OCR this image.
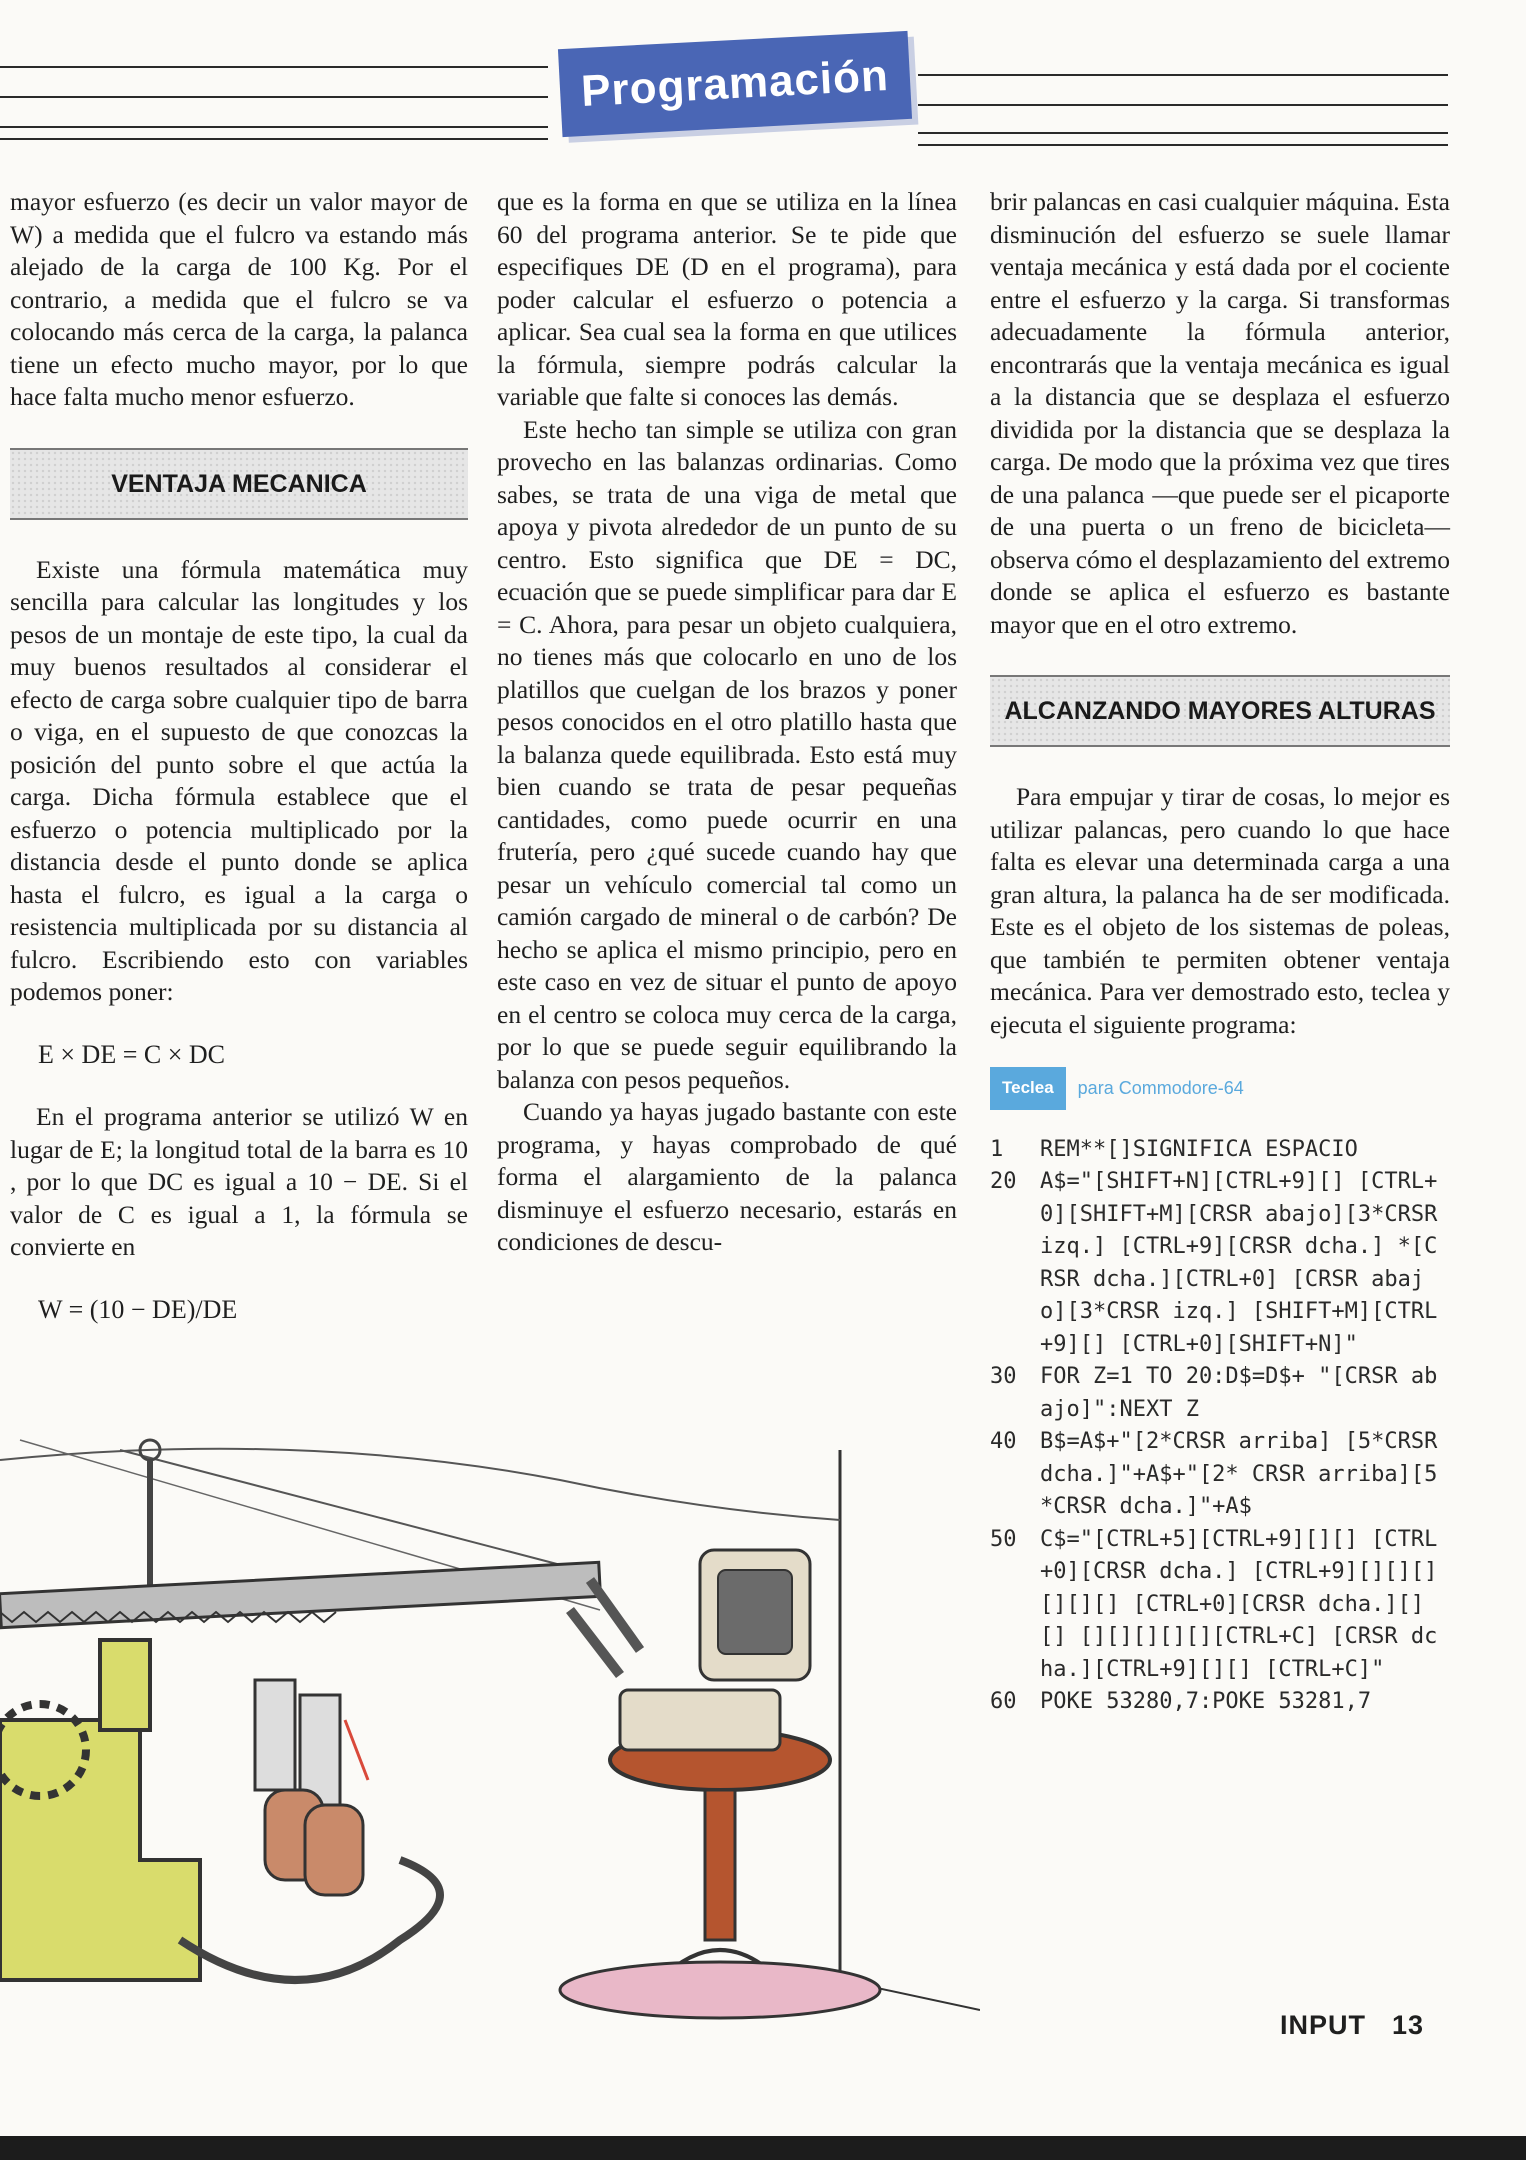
Programación

mayor esfuerzo (es decir un valor mayor de W) a medida que el fulcro va estando más alejado de la carga de 100 Kg. Por el contrario, a medida que el fulcro se va colocando más cerca de la carga, la palanca tiene un efecto mucho mayor, por lo que hace falta mucho menor esfuerzo.

VENTAJA MECANICA

Existe una fórmula matemática muy sencilla para calcular las longitudes y los pesos de un montaje de este tipo, la cual da muy buenos resultados al considerar el efecto de carga sobre cualquier tipo de barra o viga, en el supuesto de que conozcas la posición del punto sobre el que actúa la carga. Dicha fórmula establece que el esfuerzo o potencia multiplicado por la distancia desde el punto donde se aplica hasta el fulcro, es igual a la carga o resistencia multiplicada por su distancia al fulcro. Escribiendo esto con variables podemos poner:

E × DE = C × DC

En el programa anterior se utilizó W en lugar de E; la longitud total de la barra es 10 , por lo que DC es igual a 10 − DE. Si el valor de C es igual a 1, la fórmula se convierte en

W = (10 − DE)/DE

que es la forma en que se utiliza en la línea 60 del programa anterior. Se te pide que especifiques DE (D en el programa), para poder calcular el esfuerzo o potencia a aplicar. Sea cual sea la forma en que utilices la fórmula, siempre podrás calcular la variable que falte si conoces las demás.

Este hecho tan simple se utiliza con gran provecho en las balanzas ordinarias. Como sabes, se trata de una viga de metal que apoya y pivota alrededor de un punto de su centro. Esto significa que DE = DC, ecuación que se puede simplificar para dar E = C. Ahora, para pesar un objeto cualquiera, no tienes más que colocarlo en uno de los platillos que cuelgan de los brazos y poner pesos conocidos en el otro platillo hasta que la balanza quede equilibrada. Esto está muy bien cuando se trata de pesar pequeñas cantidades, como puede ocurrir en una frutería, pero ¿qué sucede cuando hay que pesar un vehículo comercial tal como un camión cargado de mineral o de carbón? De hecho se aplica el mismo principio, pero en este caso en vez de situar el punto de apoyo en el centro se coloca muy cerca de la carga, por lo que se puede seguir equilibrando la balanza con pesos pequeños.

Cuando ya hayas jugado bastante con este programa, y hayas comprobado de qué forma el alargamiento de la palanca disminuye el esfuerzo necesario, estarás en condiciones de descu-

brir palancas en casi cualquier máquina. Esta disminución del esfuerzo se suele llamar ventaja mecánica y está dada por el cociente entre el esfuerzo y la carga. Si transformas adecuadamente la fórmula anterior, encontrarás que la ventaja mecánica es igual a la distancia que se desplaza el esfuerzo dividida por la distancia que se desplaza la carga. De modo que la próxima vez que tires de una palanca —que puede ser el picaporte de una puerta o un freno de bicicleta— observa cómo el desplazamiento del extremo donde se aplica el esfuerzo es bastante mayor que en el otro extremo.

ALCANZANDO MAYORES ALTURAS

Para empujar y tirar de cosas, lo mejor es utilizar palancas, pero cuando lo que hace falta es elevar una determinada carga a una gran altura, la palanca ha de ser modificada. Este es el objeto de los sistemas de poleas, que también te permiten obtener ventaja mecánica. Para ver demostrado esto, teclea y ejecuta el siguiente programa:

Teclea	para Commodore-64
1	REM**[]SIGNIFICA ESPACIO
20	A$="[SHIFT+N][CTRL+9][] [CTRL+0][SHIFT+M][CRSR abajo][3*CRSR izq.] [CTRL+9][CRSR dcha.] *[CRSR dcha.][CTRL+0] [CRSR abajo][3*CRSR izq.] [SHIFT+M][CTRL+9][] [CTRL+0][SHIFT+N]"
30	FOR Z=1 TO 20:D$=D$+ "[CRSR abajo]":NEXT Z
40	B$=A$+"[2*CRSR arriba] [5*CRSR dcha.]"+A$+"[2* CRSR arriba][5*CRSR dcha.]"+A$
50	C$="[CTRL+5][CTRL+9][][] [CTRL+0][CRSR dcha.] [CTRL+9][][][][][][] [CTRL+0][CRSR dcha.][][] [][][][][][CTRL+C] [CRSR dcha.][CTRL+9][][] [CTRL+C]"
60	POKE 53280,7:POKE 53281,7
INPUT 13
